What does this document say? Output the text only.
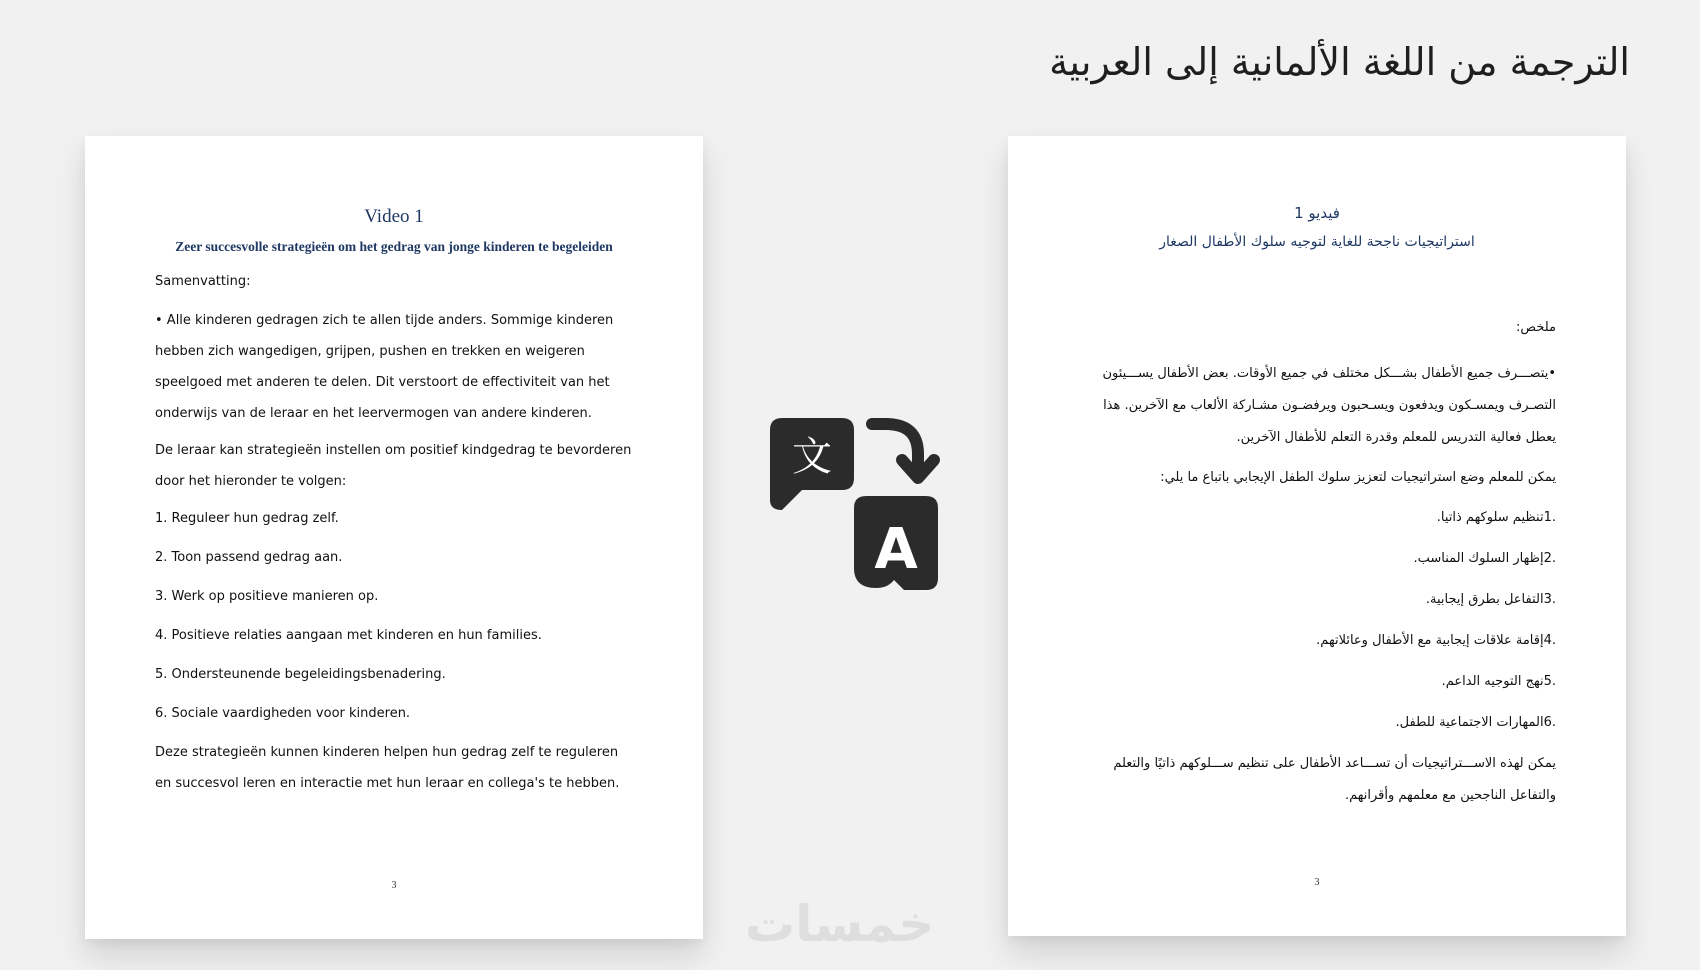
الترجمة من اللغة الألمانية إلى العربية
Video 1
Zeer succesvolle strategieën om het gedrag van jonge kinderen te begeleiden

Samenvatting:

• Alle kinderen gedragen zich te allen tijde anders. Sommige kinderen hebben zich wangedigen, grijpen, pushen en trekken en weigeren speelgoed met anderen te delen. Dit verstoort de effectiviteit van het onderwijs van de leraar en het leervermogen van andere kinderen.

De leraar kan strategieën instellen om positief kindgedrag te bevorderen door het hieronder te volgen:

1. Reguleer hun gedrag zelf.

2. Toon passend gedrag aan.

3. Werk op positieve manieren op.

4. Positieve relaties aangaan met kinderen en hun families.

5. Ondersteunende begeleidingsbenadering.

6. Sociale vaardigheden voor kinderen.

Deze strategieën kunnen kinderen helpen hun gedrag zelf te reguleren en succesvol leren en interactie met hun leraar en collega's te hebben.

3
文
A
فيديو 1
استراتيجيات ناجحة للغاية لتوجيه سلوك الأطفال الصغار

ملخص:

•يتصـــرف جميع الأطفال بشـــكل مختلف في جميع الأوقات. بعض الأطفال يســـيئون التصـرف ويمسـكون ويدفعون ويسـحبون ويرفضـون مشـاركة الألعاب مع الآخرين. هذا يعطل فعالية التدريس للمعلم وقدرة التعلم للأطفال الآخرين.

يمكن للمعلم وضع استراتيجيات لتعزيز سلوك الطفل الإيجابي باتباع ما يلي:

.1تنظيم سلوكهم ذاتيا.

.2إظهار السلوك المناسب.

.3التفاعل بطرق إيجابية.

.4إقامة علاقات إيجابية مع الأطفال وعائلاتهم.

.5نهج التوجيه الداعم.

.6المهارات الاجتماعية للطفل.

يمكن لهذه الاســـتراتيجيات أن تســـاعد الأطفال على تنظيم ســـلوكهم ذاتيًا والتعلم والتفاعل الناجحين مع معلمهم وأقرانهم.

3
خمسات
